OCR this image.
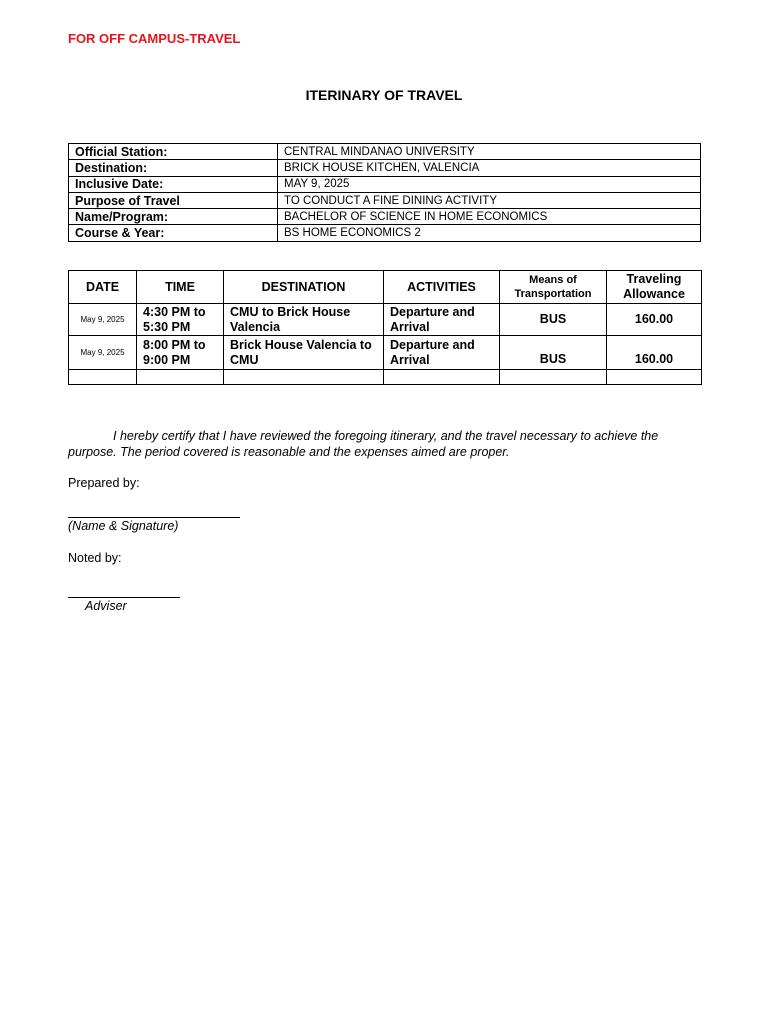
FOR OFF CAMPUS-TRAVEL
ITERINARY OF TRAVEL
Official Station:	CENTRAL MINDANAO UNIVERSITY
Destination:	BRICK HOUSE KITCHEN, VALENCIA
Inclusive Date:	MAY 9, 2025
Purpose of Travel	TO CONDUCT A FINE DINING ACTIVITY
Name/Program:	BACHELOR OF SCIENCE IN HOME ECONOMICS
Course & Year:	BS HOME ECONOMICS 2
DATE	TIME	DESTINATION	ACTIVITIES	Means of Transportation	Traveling Allowance
May 9, 2025	4:30 PM to 5:30 PM	CMU to Brick House Valencia	Departure and Arrival	BUS	160.00
May 9, 2025	8:00 PM to 9:00 PM	Brick House Valencia to CMU	Departure and Arrival	BUS	160.00

I hereby certify that I have reviewed the foregoing itinerary, and the travel necessary to achieve the purpose. The period covered is reasonable and the expenses aimed are proper.
Prepared by:
(Name & Signature)
Noted by:
Adviser
